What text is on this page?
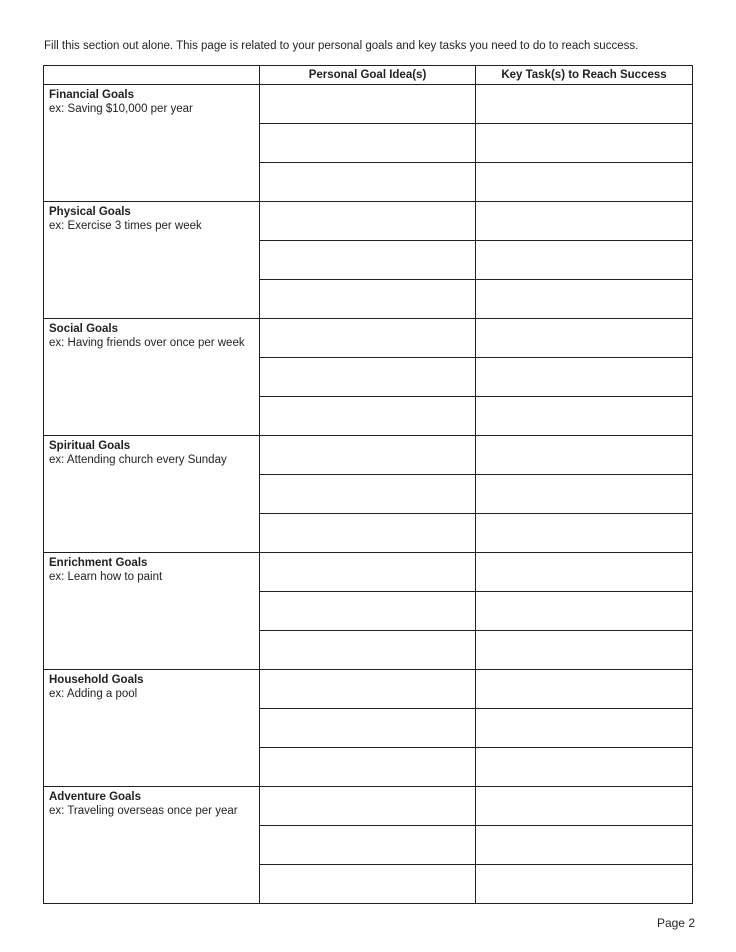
Fill this section out alone. This page is related to your personal goals and key tasks you need to do to reach success.

	Personal Goal Idea(s)	Key Task(s) to Reach Success

Financial Goals
ex: Saving $10,000 per year		

Physical Goals
ex: Exercise 3 times per week		

Social Goals
ex: Having friends over once per week		

Spiritual Goals
ex: Attending church every Sunday		

Enrichment Goals
ex: Learn how to paint		

Household Goals
ex: Adding a pool		

Adventure Goals
ex: Traveling overseas once per year		

Page 2
